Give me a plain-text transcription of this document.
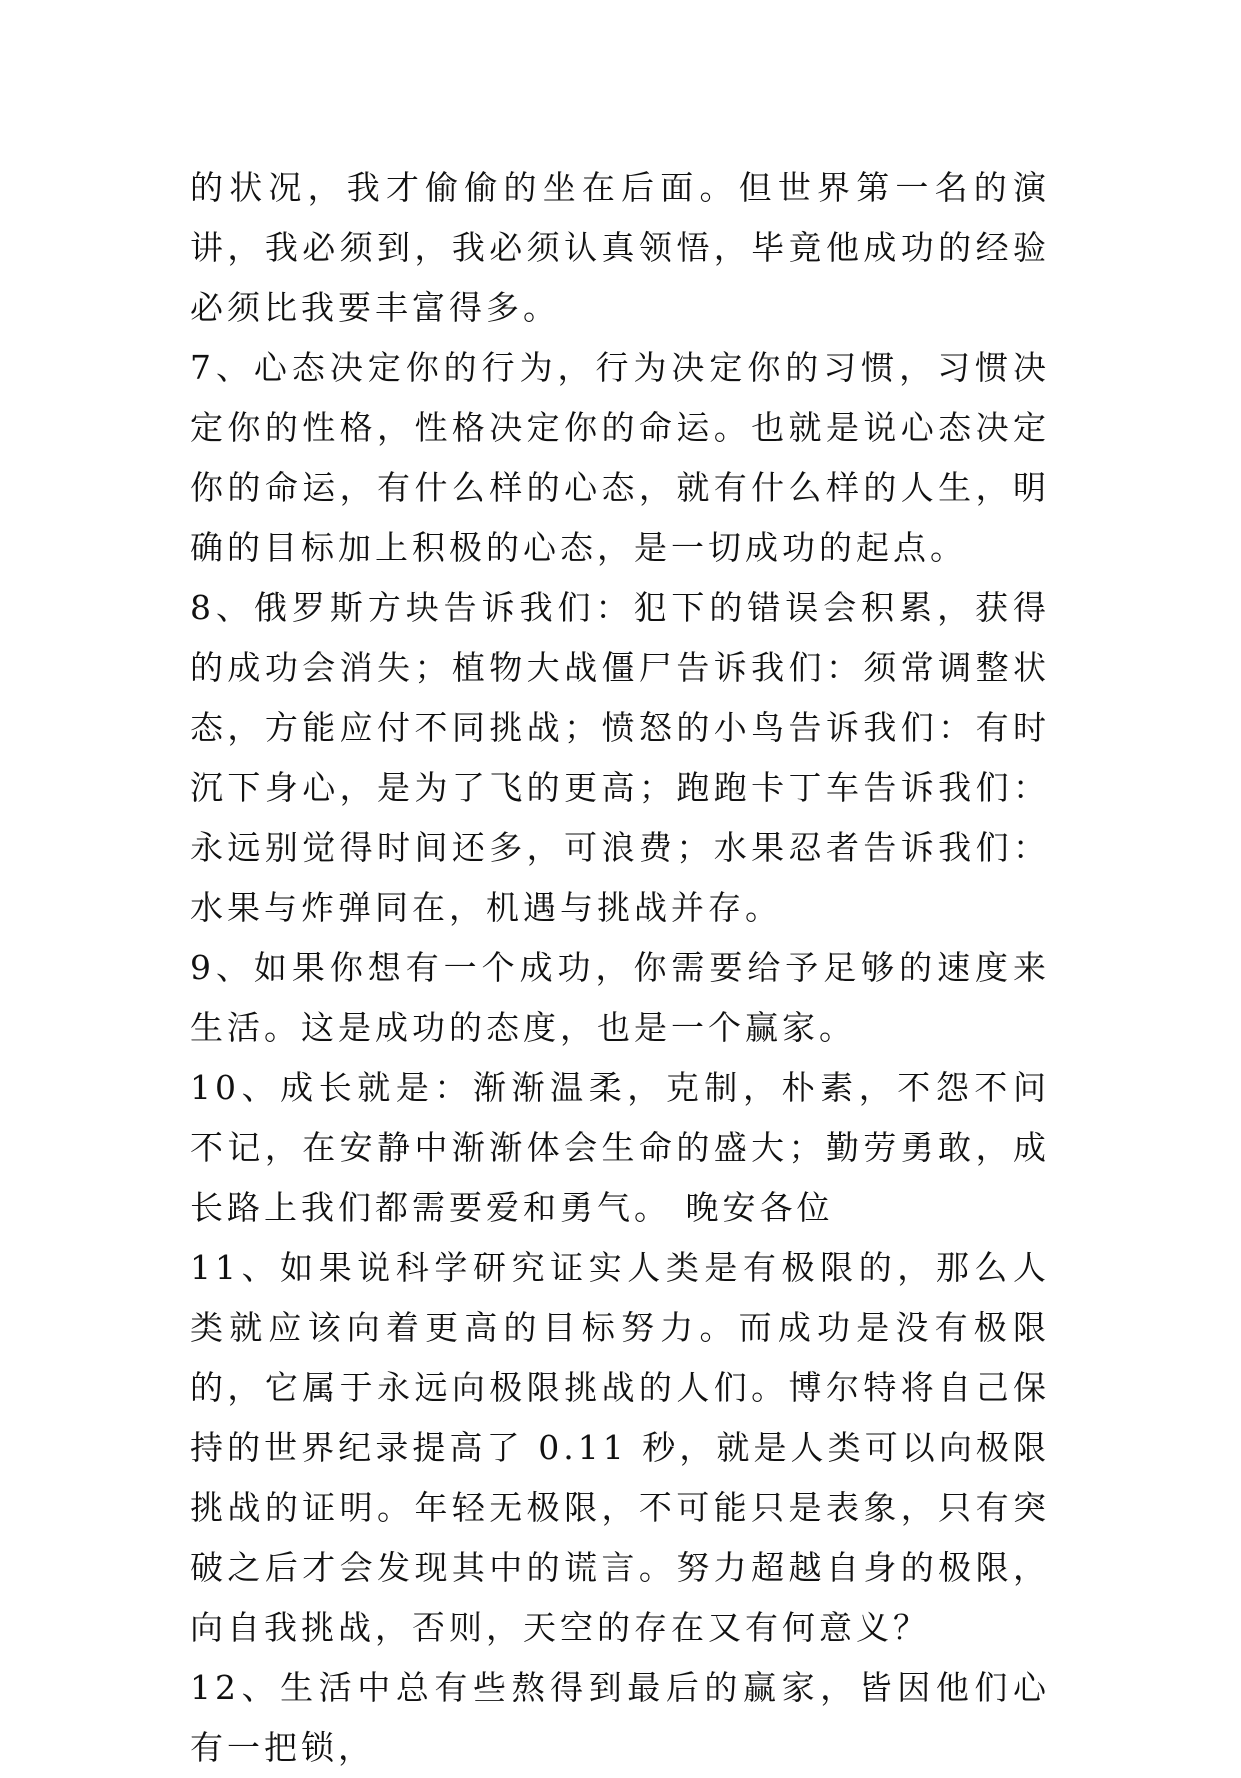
的状况，我才偷偷的坐在后面。但世界第一名的演讲，我必须到，我必须认真领悟，毕竟他成功的经验必须比我要丰富得多。

7、心态决定你的行为，行为决定你的习惯，习惯决定你的性格，性格决定你的命运。也就是说心态决定你的命运，有什么样的心态，就有什么样的人生，明确的目标加上积极的心态，是一切成功的起点。

8、俄罗斯方块告诉我们：犯下的错误会积累，获得的成功会消失；植物大战僵尸告诉我们：须常调整状态，方能应付不同挑战；愤怒的小鸟告诉我们：有时沉下身心，是为了飞的更高；跑跑卡丁车告诉我们：永远别觉得时间还多，可浪费；水果忍者告诉我们：水果与炸弹同在，机遇与挑战并存。

9、如果你想有一个成功，你需要给予足够的速度来生活。这是成功的态度，也是一个赢家。

10、成长就是：渐渐温柔，克制，朴素，不怨不问不记，在安静中渐渐体会生命的盛大；勤劳勇敢，成长路上我们都需要爱和勇气。 晚安各位

11、如果说科学研究证实人类是有极限的，那么人类就应该向着更高的目标努力。而成功是没有极限的，它属于永远向极限挑战的人们。博尔特将自己保持的世界纪录提高了 0.11 秒，就是人类可以向极限挑战的证明。年轻无极限，不可能只是表象，只有突破之后才会发现其中的谎言。努力超越自身的极限，向自我挑战，否则，天空的存在又有何意义？

12、生活中总有些熬得到最后的赢家，皆因他们心有一把锁，
